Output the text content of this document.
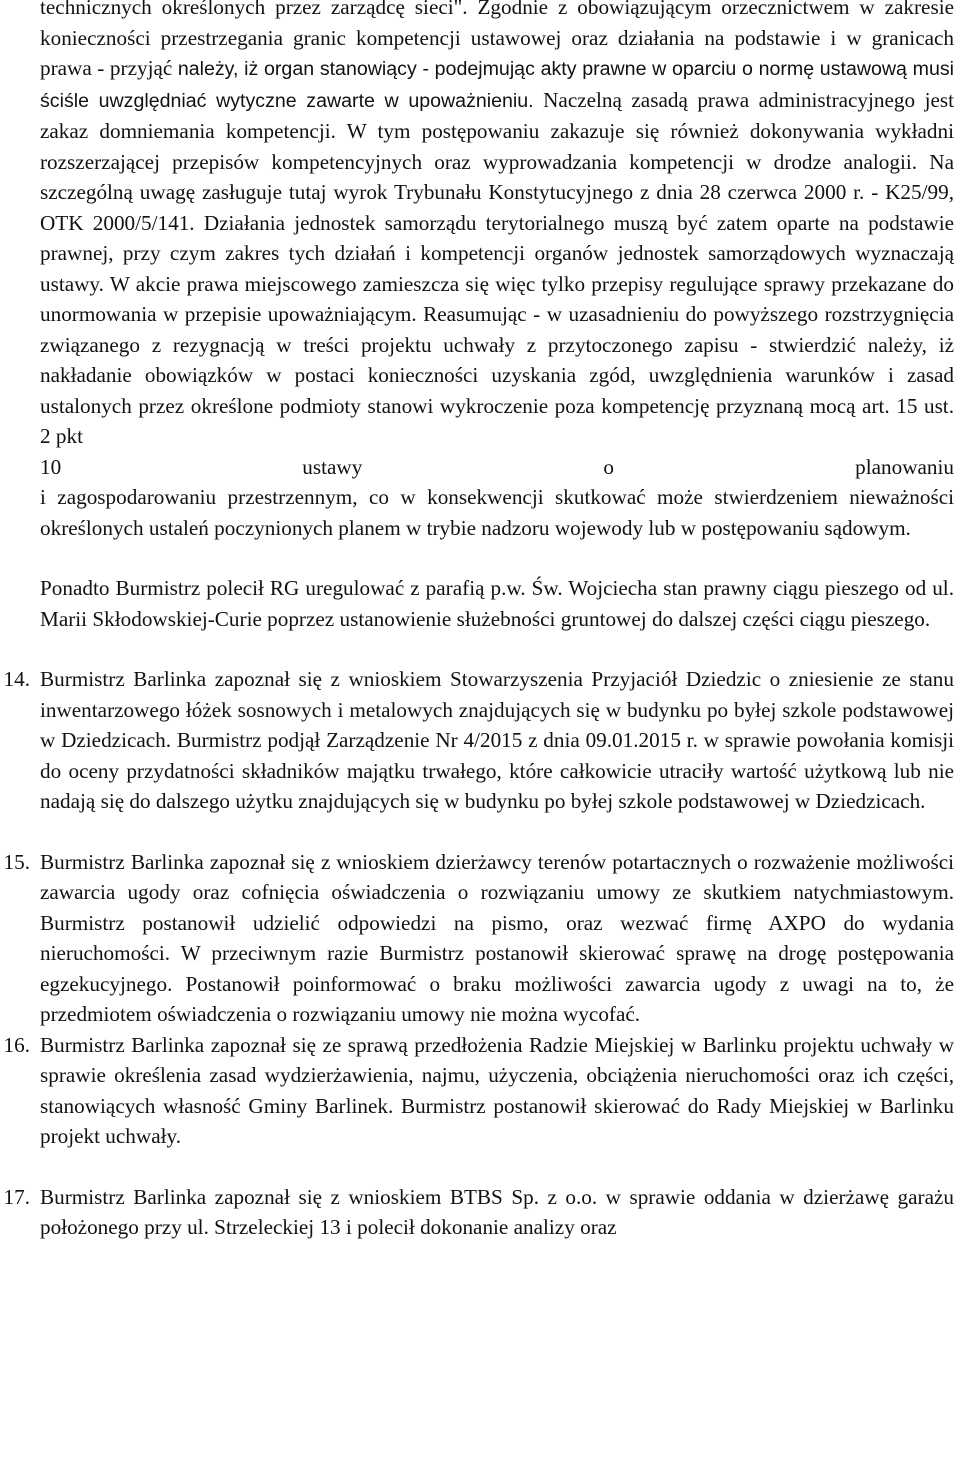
technicznych określonych przez zarządcę sieci". Zgodnie z obowiązującym orzecznictwem w zakresie konieczności przestrzegania granic kompetencji ustawowej oraz działania na podstawie i w granicach prawa - przyjąć należy, iż organ stanowiący - podejmując akty prawne w oparciu o normę ustawową musi ściśle uwzględniać wytyczne zawarte w upoważnieniu. Naczelną zasadą prawa administracyjnego jest zakaz domniemania kompetencji. W tym postępowaniu zakazuje się również dokonywania wykładni rozszerzającej przepisów kompetencyjnych oraz wyprowadzania kompetencji w drodze analogii. Na szczególną uwagę zasługuje tutaj wyrok Trybunału Konstytucyjnego z dnia 28 czerwca 2000 r. - K25/99, OTK 2000/5/141. Działania jednostek samorządu terytorialnego muszą być zatem oparte na podstawie prawnej, przy czym zakres tych działań i kompetencji organów jednostek samorządowych wyznaczają ustawy. W akcie prawa miejscowego zamieszcza się więc tylko przepisy regulujące sprawy przekazane do unormowania w przepisie upoważniającym. Reasumując - w uzasadnieniu do powyższego rozstrzygnięcia związanego z rezygnacją w treści projektu uchwały z przytoczonego zapisu - stwierdzić należy, iż nakładanie obowiązków w postaci konieczności uzyskania zgód, uwzględnienia warunków i zasad ustalonych przez określone podmioty stanowi wykroczenie poza kompetencję przyznaną mocą art. 15 ust. 2 pkt

10 ustawy o planowaniu

i zagospodarowaniu przestrzennym, co w konsekwencji skutkować może stwierdzeniem nieważności określonych ustaleń poczynionych planem w trybie nadzoru wojewody lub w postępowaniu sądowym.

Ponadto Burmistrz polecił RG uregulować z parafią p.w. Św. Wojciecha stan prawny ciągu pieszego od ul. Marii Skłodowskiej-Curie poprzez ustanowienie służebności gruntowej do dalszej części ciągu pieszego.

14. Burmistrz Barlinka zapoznał się z wnioskiem Stowarzyszenia Przyjaciół Dziedzic o zniesienie ze stanu inwentarzowego łóżek sosnowych i metalowych znajdujących się w budynku po byłej szkole podstawowej w Dziedzicach. Burmistrz podjął Zarządzenie Nr 4/2015 z dnia 09.01.2015 r. w sprawie powołania komisji do oceny przydatności składników majątku trwałego, które całkowicie utraciły wartość użytkową lub nie nadają się do dalszego użytku znajdujących się w budynku po byłej szkole podstawowej w Dziedzicach.
15. Burmistrz Barlinka zapoznał się z wnioskiem dzierżawcy terenów potartacznych o rozważenie możliwości zawarcia ugody oraz cofnięcia oświadczenia o rozwiązaniu umowy ze skutkiem natychmiastowym. Burmistrz postanowił udzielić odpowiedzi na pismo, oraz wezwać firmę AXPO do wydania nieruchomości. W przeciwnym razie Burmistrz postanowił skierować sprawę na drogę postępowania egzekucyjnego. Postanowił poinformować o braku możliwości zawarcia ugody z uwagi na to, że przedmiotem oświadczenia o rozwiązaniu umowy nie można wycofać.
16. Burmistrz Barlinka zapoznał się ze sprawą przedłożenia Radzie Miejskiej w Barlinku projektu uchwały w sprawie określenia zasad wydzierżawienia, najmu, użyczenia, obciążenia nieruchomości oraz ich części, stanowiących własność Gminy Barlinek. Burmistrz postanowił skierować do Rady Miejskiej w Barlinku projekt uchwały.
17. Burmistrz Barlinka zapoznał się z wnioskiem BTBS Sp. z o.o. w sprawie oddania w dzierżawę garażu położonego przy ul. Strzeleckiej 13 i polecił dokonanie analizy oraz
